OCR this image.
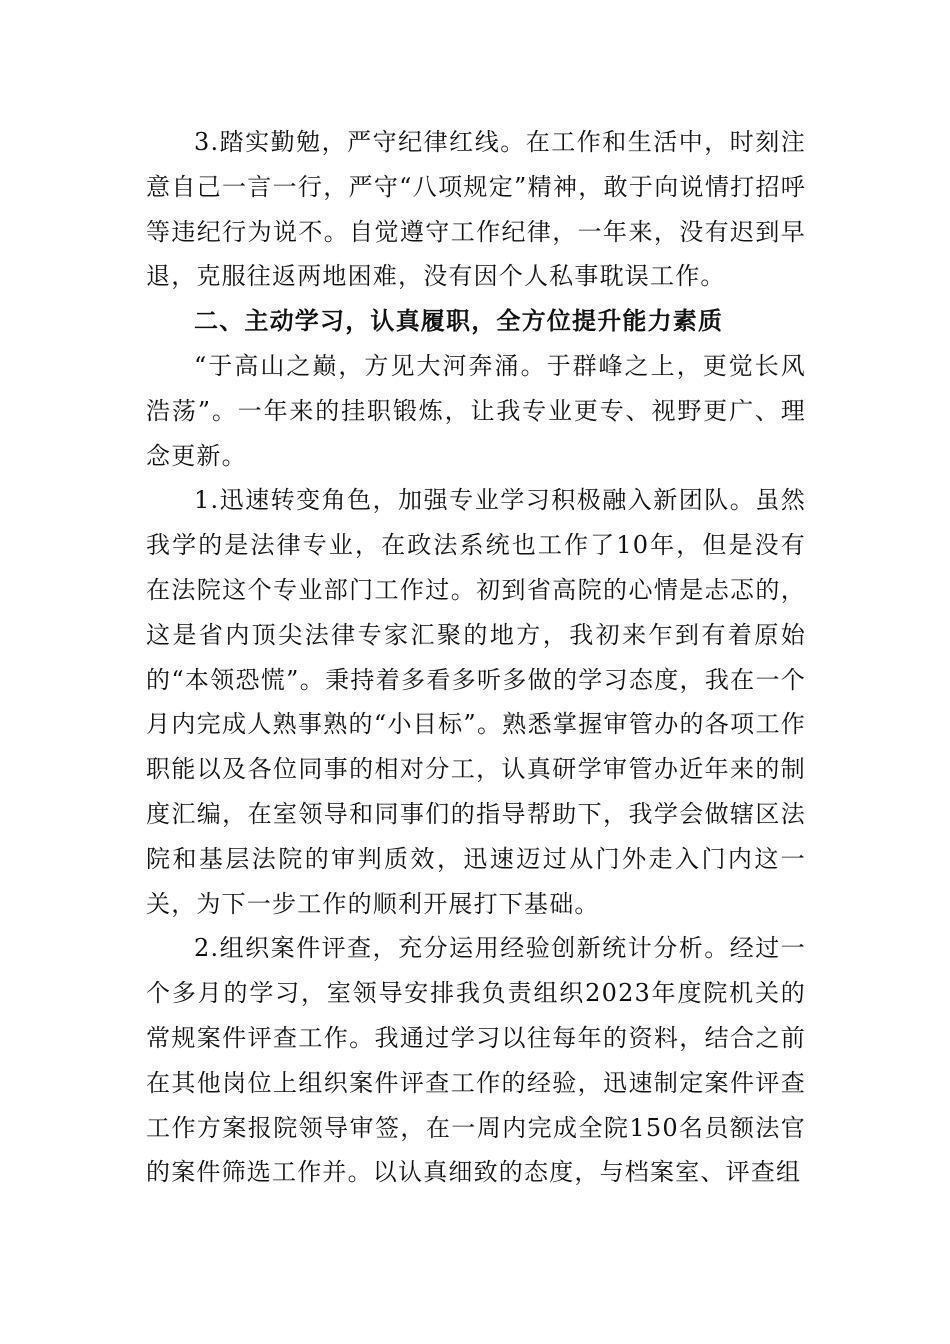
3.踏实勤勉，严守纪律红线。在工作和生活中，时刻注意自己一言一行，严守“八项规定”精神，敢于向说情打招呼等违纪行为说不。自觉遵守工作纪律，一年来，没有迟到早退，克服往返两地困难，没有因个人私事耽误工作。

二、主动学习，认真履职，全方位提升能力素质

“于高山之巅，方见大河奔涌。于群峰之上，更觉长风浩荡”。一年来的挂职锻炼，让我专业更专、视野更广、理念更新。

1.迅速转变角色，加强专业学习积极融入新团队。虽然我学的是法律专业，在政法系统也工作了10年，但是没有在法院这个专业部门工作过。初到省高院的心情是忐忑的，这是省内顶尖法律专家汇聚的地方，我初来乍到有着原始的“本领恐慌”。秉持着多看多听多做的学习态度，我在一个月内完成人熟事熟的“小目标”。熟悉掌握审管办的各项工作职能以及各位同事的相对分工，认真研学审管办近年来的制度汇编，在室领导和同事们的指导帮助下，我学会做辖区法院和基层法院的审判质效，迅速迈过从门外走入门内这一关，为下一步工作的顺利开展打下基础。

2.组织案件评查，充分运用经验创新统计分析。经过一个多月的学习，室领导安排我负责组织2023年度院机关的常规案件评查工作。我通过学习以往每年的资料，结合之前在其他岗位上组织案件评查工作的经验，迅速制定案件评查工作方案报院领导审签，在一周内完成全院150名员额法官的案件筛选工作并。以认真细致的态度，与档案室、评查组
